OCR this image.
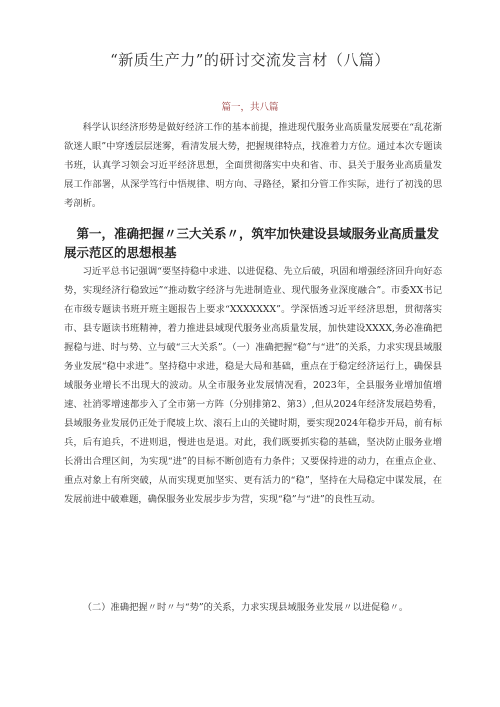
“新质生产力”的研讨交流发言材（八篇）
篇一，共八篇
科学认识经济形势是做好经济工作的基本前提，推进现代服务业高质量发展要在“乱花渐欲迷人眼”中穿透层层迷雾，看清发展大势，把握规律特点，找准着力方位。通过本次专题读书班，认真学习领会习近平经济思想，全面贯彻落实中央和省、市、县关于服务业高质量发展工作部署，从深学笃行中悟规律、明方向、寻路径，紧扣分管工作实际，进行了初浅的思考剖析。
第一，准确把握〃三大关系〃，筑牢加快建设县域服务业高质量发展示范区的思想根基
习近平总书记强调“要坚持稳中求进、以进促稳、先立后破，巩固和增强经济回升向好态势，实现经济行稳致远”“推动数字经济与先进制造业、现代服务业深度融合”。市委XX书记在市级专题读书班开班主题报告上要求“XXXXXXX”。学深悟透习近平经济思想，贯彻落实市、县专题读书班精神，着力推进县域现代服务业高质量发展，加快建设XXXX,务必准确把握稳与进、时与势、立与破“三大关系”。（一）准确把握“稳”与“进”的关系，力求实现县域服务业发展“稳中求进”。坚持稳中求进，稳是大局和基础，重点在于稳定经济运行上，确保县域服务业增长不出现大的波动。从全市服务业发展情况看，2023年，全县服务业增加值增速、社消零增速都步入了全市第一方阵（分别排第2、第3）,但从2024年经济发展趋势看，县域服务业发展仍正处于爬坡上坎、滚石上山的关键时期，要实现2024年稳步开局，前有标兵，后有追兵，不进则退，慢进也是退。对此，我们既要抓实稳的基础，坚决防止服务业增长滑出合理区间，为实现“进”的目标不断创造有力条件；又要保持进的动力，在重点企业、重点对象上有所突破，从而实现更加坚实、更有活力的“稳”，坚持在大局稳定中谋发展，在发展前进中破难题，确保服务业发展步步为营，实现“稳”与“进”的良性互动。
（二）准确把握〃时〃与“势”的关系，力求实现县域服务业发展〃以进促稳〃。
